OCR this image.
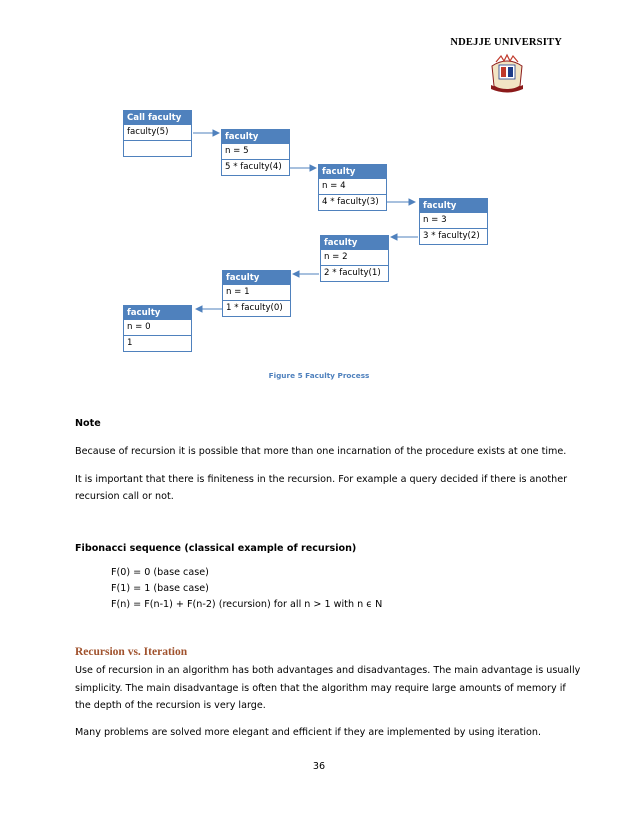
NDEJJE UNIVERSITY
Call faculty
faculty(5)	faculty
n = 5
5 * faculty(4)	faculty
n = 4
4 * faculty(3)	faculty
n = 3
3 * faculty(2)
faculty
n = 2
2 * faculty(1)
faculty
n = 1
1 * faculty(0)
faculty
n = 0
1
Figure 5 Faculty Process
Note
Because of recursion it is possible that more than one incarnation of the procedure exists at one time.
It is important that there is finiteness in the recursion. For example a query decided if there is another
recursion call or not.
Fibonacci sequence (classical example of recursion)
F(0) = 0 (base case)
F(1) = 1 (base case)
F(n) = F(n-1) + F(n-2) (recursion) for all n > 1 with n ϵ N
Recursion vs. Iteration
Use of recursion in an algorithm has both advantages and disadvantages. The main advantage is usually
simplicity. The main disadvantage is often that the algorithm may require large amounts of memory if
the depth of the recursion is very large.
Many problems are solved more elegant and efficient if they are implemented by using iteration.
36
